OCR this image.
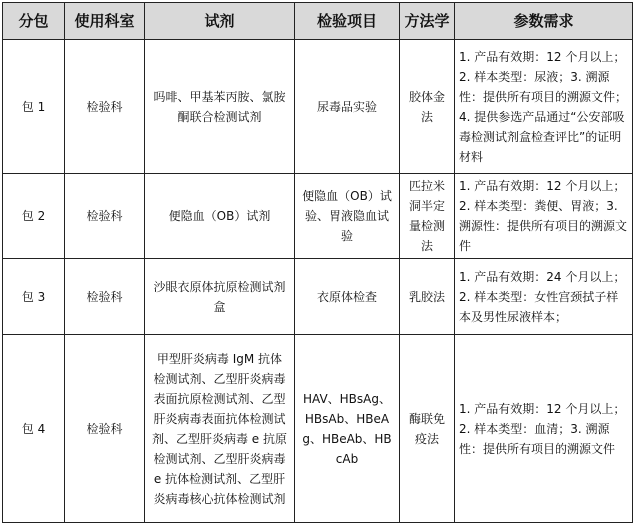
分包	使用科室	试剂	检验项目	方法学	参数需求
包 1	检验科	吗啡、甲基苯丙胺、氯胺酮联合检测试剂	尿毒品实验	胶体金法	1. 产品有效期：12 个月以上；2. 样本类型：尿液；3. 溯源性：提供所有项目的溯源文件；4. 提供参选产品通过“公安部吸毒检测试剂盒检查评比”的证明材料
包 2	检验科	便隐血（OB）试剂	便隐血（OB）试验、胃液隐血试验	匹拉米洞半定量检测法	1. 产品有效期：12 个月以上；2. 样本类型：粪便、胃液；3. 溯源性：提供所有项目的溯源文件
包 3	检验科	沙眼衣原体抗原检测试剂盒	衣原体检查	乳胶法	1. 产品有效期：24 个月以上；2. 样本类型：女性宫颈拭子样本及男性尿液样本；
包 4	检验科	甲型肝炎病毒 IgM 抗体检测试剂、乙型肝炎病毒表面抗原检测试剂、乙型肝炎病毒表面抗体检测试剂、乙型肝炎病毒 e 抗原检测试剂、乙型肝炎病毒 e 抗体检测试剂、乙型肝炎病毒核心抗体检测试剂	HAV、HBsAg、HBsAb、HBeAg、HBeAb、HBcAb	酶联免疫法	1. 产品有效期：12 个月以上；2. 样本类型：血清；3. 溯源性：提供所有项目的溯源文件
